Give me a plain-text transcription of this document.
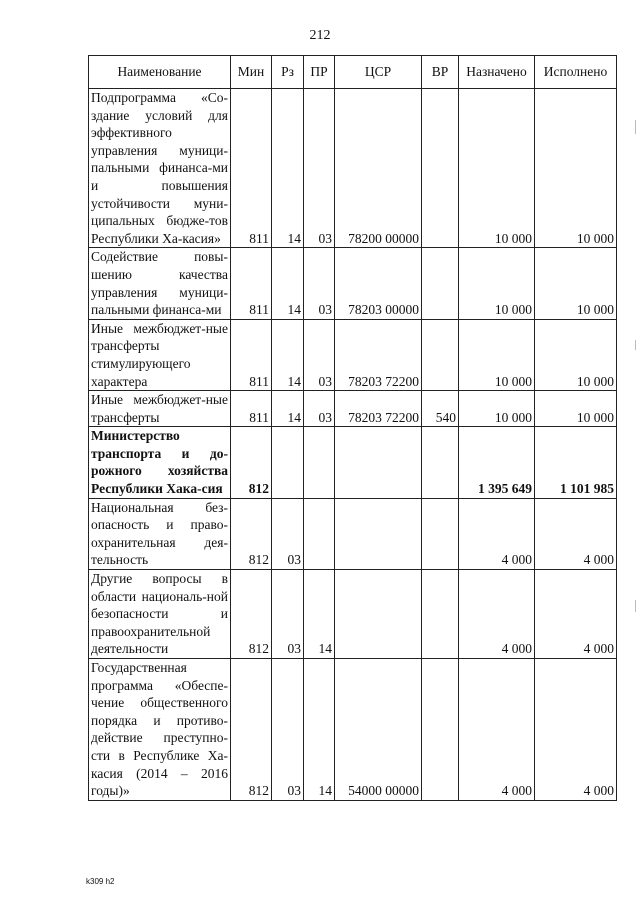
212
Наименование	Мин	Рз	ПР	ЦСР	ВР	Назначено	Исполнено
Подпрограмма «Со-здание условий для эффективного управления муници-пальными финанса-ми и повышения устойчивости муни-ципальных бюдже-тов Республики Ха-касия»	811	14	03	78200 00000		10 000	10 000
Содействие повы-шению качества управления муници-пальными финанса-ми	811	14	03	78203 00000		10 000	10 000
Иные межбюджет-ные трансферты стимулирующего характера	811	14	03	78203 72200		10 000	10 000
Иные межбюджет-ные трансферты	811	14	03	78203 72200	540	10 000	10 000
Министерство транспорта и до-рожного хозяйства Республики Хака-сия	812					1 395 649	1 101 985
Национальная без-опасность и право-охранительная дея-тельность	812	03				4 000	4 000
Другие вопросы в области националь-ной безопасности и правоохранительной деятельности	812	03	14			4 000	4 000
Государственная программа «Обеспе-чение общественного порядка и противо-действие преступно-сти в Республике Ха-касия (2014 – 2016 годы)»	812	03	14	54000 00000		4 000	4 000
k309 h2
